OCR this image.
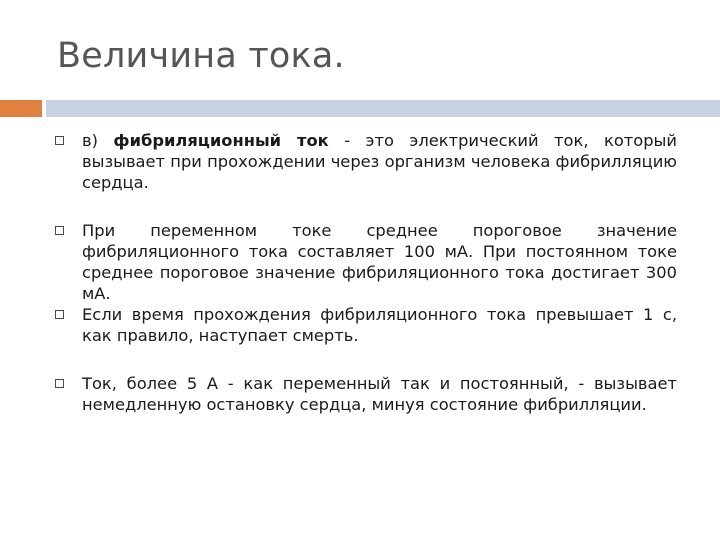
Величина тока.
в) фибриляционный ток - это электрический ток, который вызывает при прохождении через организм человека фибрилляцию сердца.
При переменном токе среднее пороговое значение фибриляционного тока составляет 100 мА. При постоянном токе среднее пороговое значение фибриляционного тока достигает 300 мА.
Если время прохождения фибриляционного тока превышает 1 с, как правило, наступает смерть.
Ток, более 5 А - как переменный так и постоянный, - вызывает немедленную остановку сердца, минуя состояние фибрилляции.
